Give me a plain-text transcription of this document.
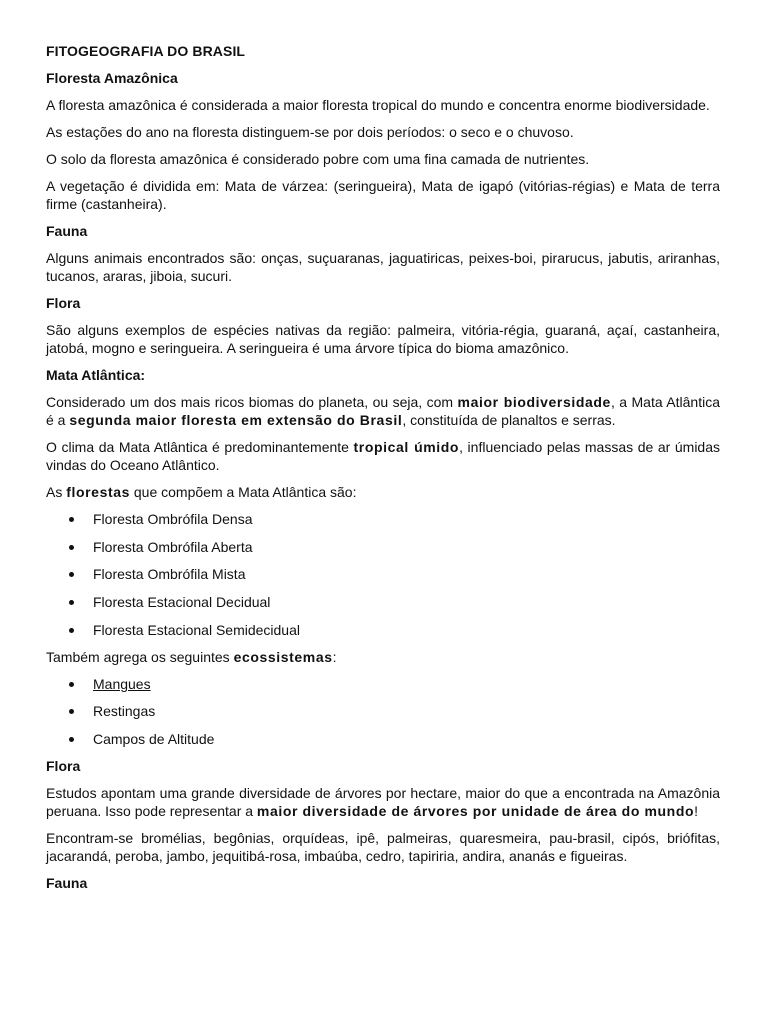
FITOGEOGRAFIA DO BRASIL
Floresta Amazônica

A floresta amazônica é considerada a maior floresta tropical do mundo e concentra enorme biodiversidade.

As estações do ano na floresta distinguem-se por dois períodos: o seco e o chuvoso.

O solo da floresta amazônica é considerado pobre com uma fina camada de nutrientes.

A vegetação é dividida em: Mata de várzea: (seringueira), Mata de igapó (vitórias-régias) e Mata de terra firme (castanheira).

Fauna

Alguns animais encontrados são: onças, suçuaranas, jaguatiricas, peixes-boi, pirarucus, jabutis, ariranhas, tucanos, araras, jiboia, sucuri.

Flora

São alguns exemplos de espécies nativas da região: palmeira, vitória-régia, guaraná, açaí, castanheira, jatobá, mogno e seringueira. A seringueira é uma árvore típica do bioma amazônico.

Mata Atlântica:

Considerado um dos mais ricos biomas do planeta, ou seja, com maior biodiversidade, a Mata Atlântica é a segunda maior floresta em extensão do Brasil, constituída de planaltos e serras.

O clima da Mata Atlântica é predominantemente tropical úmido, influenciado pelas massas de ar úmidas vindas do Oceano Atlântico.

As florestas que compõem a Mata Atlântica são:

Floresta Ombrófila Densa
Floresta Ombrófila Aberta
Floresta Ombrófila Mista
Floresta Estacional Decidual
Floresta Estacional Semidecidual

Também agrega os seguintes ecossistemas:

Mangues
Restingas
Campos de Altitude
Flora

Estudos apontam uma grande diversidade de árvores por hectare, maior do que a encontrada na Amazônia peruana. Isso pode representar a maior diversidade de árvores por unidade de área do mundo!

Encontram-se bromélias, begônias, orquídeas, ipê, palmeiras, quaresmeira, pau-brasil, cipós, briófitas, jacarandá, peroba, jambo, jequitibá-rosa, imbaúba, cedro, tapiriria, andira, ananás e figueiras.

Fauna
